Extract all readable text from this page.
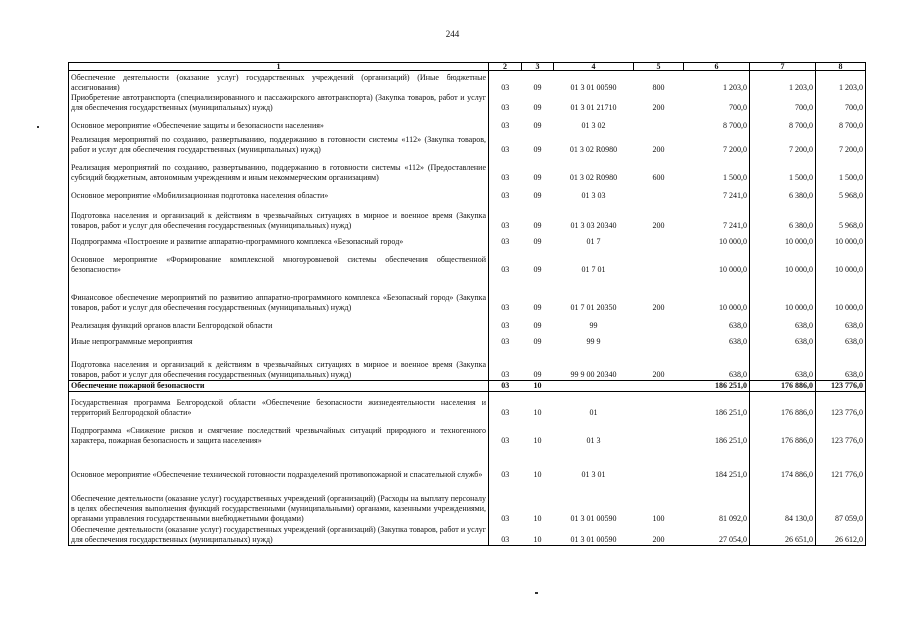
244
1	2	3	4	5	6	7	8
Обеспечение деятельности (оказание услуг) государственных учреждений (организаций) (Иные бюджетные ассигнования)	03	09	01 3 01 00590	800	1 203,0	1 203,0	1 203,0
Приобретение автотранспорта (специализированного и пассажирского автотранспорта) (Закупка товаров, работ и услуг для обеспечения государственных (муниципальных) нужд)	03	09	01 3 01 21710	200	700,0	700,0	700,0
Основное мероприятие «Обеспечение защиты и безопасности населения»	03	09	01 3 02		8 700,0	8 700,0	8 700,0
Реализация мероприятий по созданию, развертыванию, поддержанию в готовности системы «112» (Закупка товаров, работ и услуг для обеспечения государственных (муниципальных) нужд)	03	09	01 3 02 R0980	200	7 200,0	7 200,0	7 200,0
Реализация мероприятий по созданию, развертыванию, поддержанию в готовности системы «112» (Предоставление субсидий бюджетным, автономным учреждениям и иным некоммерческим организациям)	03	09	01 3 02 R0980	600	1 500,0	1 500,0	1 500,0
Основное мероприятие «Мобилизационная подготовка населения области»	03	09	01 3 03		7 241,0	6 380,0	5 968,0
Подготовка населения и организаций к действиям в чрезвычайных ситуациях в мирное и военное время (Закупка товаров, работ и услуг для обеспечения государственных (муниципальных) нужд)	03	09	01 3 03 20340	200	7 241,0	6 380,0	5 968,0
Подпрограмма «Построение и развитие аппаратно-программного комплекса «Безопасный город»	03	09	01 7		10 000,0	10 000,0	10 000,0
Основное мероприятие «Формирование комплексной многоуровневой системы обеспечения общественной безопасности»	03	09	01 7 01		10 000,0	10 000,0	10 000,0
Финансовое обеспечение мероприятий по развитию аппаратно-программного комплекса «Безопасный город» (Закупка товаров, работ и услуг для обеспечения государственных (муниципальных) нужд)	03	09	01 7 01 20350	200	10 000,0	10 000,0	10 000,0
Реализация функций органов власти Белгородской области	03	09	99		638,0	638,0	638,0
Иные непрограммные мероприятия	03	09	99 9		638,0	638,0	638,0
Подготовка населения и организаций к действиям в чрезвычайных ситуациях в мирное и военное время (Закупка товаров, работ и услуг для обеспечения государственных (муниципальных) нужд)	03	09	99 9 00 20340	200	638,0	638,0	638,0
Обеспечение пожарной безопасности	03	10			186 251,0	176 886,0	123 776,0
Государственная программа Белгородской области «Обеспечение безопасности жизнедеятельности населения и территорий Белгородской области»	03	10	01		186 251,0	176 886,0	123 776,0
Подпрограмма «Снижение рисков и смягчение последствий чрезвычайных ситуаций природного и техногенного характера, пожарная безопасность и защита населения»	03	10	01 3		186 251,0	176 886,0	123 776,0
Основное мероприятие «Обеспечение технической готовности подразделений противопожарной и спасательной служб»	03	10	01 3 01		184 251,0	174 886,0	121 776,0
Обеспечение деятельности (оказание услуг) государственных учреждений (организаций) (Расходы на выплату персоналу в целях обеспечения выполнения функций государственными (муниципальными) органами, казенными учреждениями, органами управления государственными внебюджетными фондами)	03	10	01 3 01 00590	100	81 092,0	84 130,0	87 059,0
Обеспечение деятельности (оказание услуг) государственных учреждений (организаций) (Закупка товаров, работ и услуг для обеспечения государственных (муниципальных) нужд)	03	10	01 3 01 00590	200	27 054,0	26 651,0	26 612,0
